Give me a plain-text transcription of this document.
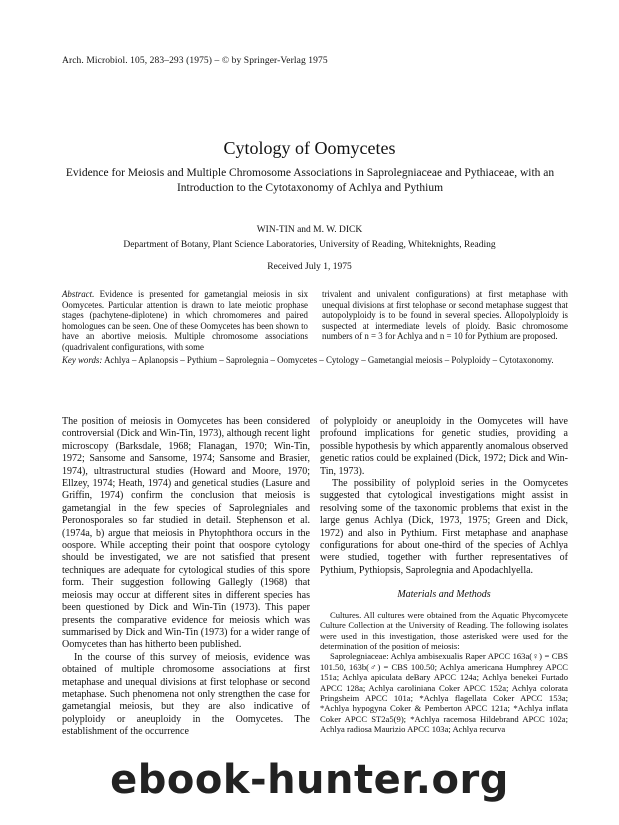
Arch. Microbiol. 105, 283–293 (1975) – © by Springer-Verlag 1975
Cytology of Oomycetes
Evidence for Meiosis and Multiple Chromosome Associations in Saprolegniaceae and Pythiaceae, with an Introduction to the Cytotaxonomy of Achlya and Pythium
WIN-TIN and M. W. DICK
Department of Botany, Plant Science Laboratories, University of Reading, Whiteknights, Reading
Received July 1, 1975
Abstract. Evidence is presented for gametangial meiosis in six Oomycetes. Particular attention is drawn to late meiotic prophase stages (pachytene-diplotene) in which chromomeres and paired homologues can be seen. One of these Oomycetes has been shown to have an abortive meiosis. Multiple chromosome associations (quadrivalent configurations, with some
trivalent and univalent configurations) at first metaphase with unequal divisions at first telophase or second metaphase suggest that autopolyploidy is to be found in several species. Allopolyploidy is suspected at intermediate levels of ploidy. Basic chromosome numbers of n = 3 for Achlya and n = 10 for Pythium are proposed.
Key words: Achlya – Aplanopsis – Pythium – Saprolegnia – Oomycetes – Cytology – Gametangial meiosis – Polyploidy – Cytotaxonomy.

The position of meiosis in Oomycetes has been considered controversial (Dick and Win-Tin, 1973), although recent light microscopy (Barksdale, 1968; Flanagan, 1970; Win-Tin, 1972; Sansome and Sansome, 1974; Sansome and Brasier, 1974), ultrastructural studies (Howard and Moore, 1970; Ellzey, 1974; Heath, 1974) and genetical studies (Lasure and Griffin, 1974) confirm the conclusion that meiosis is gametangial in the few species of Saprolegniales and Peronosporales so far studied in detail. Stephenson et al. (1974a, b) argue that meiosis in Phytophthora occurs in the oospore. While accepting their point that oospore cytology should be investigated, we are not satisfied that present techniques are adequate for cytological studies of this spore form. Their suggestion following Gallegly (1968) that meiosis may occur at different sites in different species has been questioned by Dick and Win-Tin (1973). This paper presents the comparative evidence for meiosis which was summarised by Dick and Win-Tin (1973) for a wider range of Oomycetes than has hitherto been published.

In the course of this survey of meiosis, evidence was obtained of multiple chromosome associations at first metaphase and unequal divisions at first telophase or second metaphase. Such phenomena not only strengthen the case for gametangial meiosis, but they are also indicative of polyploidy or aneuploidy in the Oomycetes. The establishment of the occurrence

of polyploidy or aneuploidy in the Oomycetes will have profound implications for genetic studies, providing a possible hypothesis by which apparently anomalous observed genetic ratios could be explained (Dick, 1972; Dick and Win-Tin, 1973).

The possibility of polyploid series in the Oomycetes suggested that cytological investigations might assist in resolving some of the taxonomic problems that exist in the large genus Achlya (Dick, 1973, 1975; Green and Dick, 1972) and also in Pythium. First metaphase and anaphase configurations for about one-third of the species of Achlya were studied, together with further representatives of Pythium, Pythiopsis, Saprolegnia and Apodachlyella.

Materials and Methods

Cultures. All cultures were obtained from the Aquatic Phycomycete Culture Collection at the University of Reading. The following isolates were used in this investigation, those asterisked were used for the determination of the position of meiosis:

Saprolegniaceae: Achlya ambisexualis Raper APCC 163a(♀) = CBS 101.50, 163b(♂) = CBS 100.50; Achlya americana Humphrey APCC 151a; Achlya apiculata deBary APCC 124a; Achlya benekei Furtado APCC 128a; Achlya caroliniana Coker APCC 152a; Achlya colorata Pringsheim APCC 101a; *Achlya flagellata Coker APCC 153a; *Achlya hypogyna Coker & Pemberton APCC 121a; *Achlya inflata Coker APCC ST2a5(9); *Achlya racemosa Hildebrand APCC 102a; Achlya radiosa Maurizio APCC 103a; Achlya recurva

ebook-hunter.org
